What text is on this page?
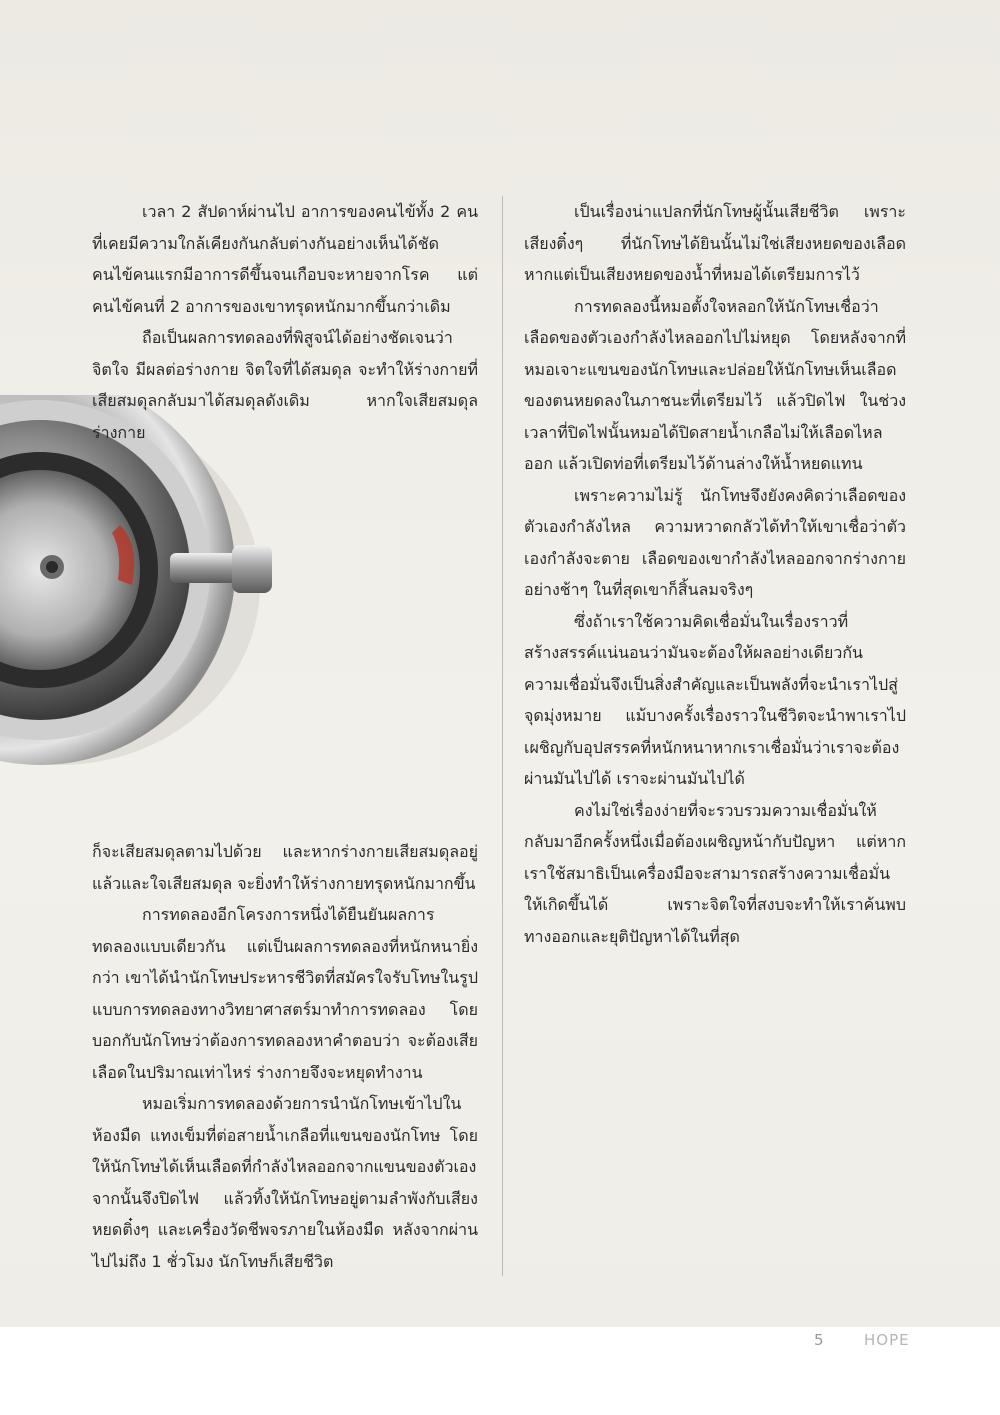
เวลา 2 สัปดาห์ผ่านไป อาการของคนไข้ทั้ง 2 คนที่เคยมีความใกล้เคียงกันกลับต่างกันอย่างเห็นได้ชัด คนไข้คนแรกมีอาการดีขึ้นจนเกือบจะหายจากโรค แต่คนไข้คนที่ 2 อาการของเขาทรุดหนักมากขึ้นกว่าเดิม

ถือเป็นผลการทดลองที่พิสูจน์ได้อย่างชัดเจนว่า จิตใจ มีผลต่อร่างกาย จิตใจที่ได้สมดุล จะทำให้ร่างกายที่เสียสมดุลกลับมาได้สมดุลดังเดิม หากใจเสียสมดุล ร่างกาย

ก็จะเสียสมดุลตามไปด้วย และหากร่างกายเสียสมดุลอยู่แล้วและใจเสียสมดุล จะยิ่งทำให้ร่างกายทรุดหนักมากขึ้น

การทดลองอีกโครงการหนึ่งได้ยืนยันผลการทดลองแบบเดียวกัน แต่เป็นผลการทดลองที่หนักหนายิ่งกว่า เขาได้นำนักโทษประหารชีวิตที่สมัครใจรับโทษในรูปแบบการทดลองทางวิทยาศาสตร์มาทำการทดลอง โดยบอกกับนักโทษว่าต้องการทดลองหาคำตอบว่า จะต้องเสียเลือดในปริมาณเท่าไหร่ ร่างกายจึงจะหยุดทำงาน

หมอเริ่มการทดลองด้วยการนำนักโทษเข้าไปในห้องมืด แทงเข็มที่ต่อสายน้ำเกลือที่แขนของนักโทษ โดยให้นักโทษได้เห็นเลือดที่กำลังไหลออกจากแขนของตัวเอง จากนั้นจึงปิดไฟ แล้วทิ้งให้นักโทษอยู่ตามลำพังกับเสียงหยดติ๋งๆ และเครื่องวัดชีพจรภายในห้องมืด หลังจากผ่านไปไม่ถึง 1 ชั่วโมง นักโทษก็เสียชีวิต

เป็นเรื่องน่าแปลกที่นักโทษผู้นั้นเสียชีวิต เพราะเสียงติ๋งๆ ที่นักโทษได้ยินนั้นไม่ใช่เสียงหยดของเลือด หากแต่เป็นเสียงหยดของน้ำที่หมอได้เตรียมการไว้

การทดลองนี้หมอตั้งใจหลอกให้นักโทษเชื่อว่าเลือดของตัวเองกำลังไหลออกไปไม่หยุด โดยหลังจากที่หมอเจาะแขนของนักโทษและปล่อยให้นักโทษเห็นเลือดของตนหยดลงในภาชนะที่เตรียมไว้ แล้วปิดไฟ ในช่วงเวลาที่ปิดไฟนั้นหมอได้ปิดสายน้ำเกลือไม่ให้เลือดไหลออก แล้วเปิดท่อที่เตรียมไว้ด้านล่างให้น้ำหยดแทน

เพราะความไม่รู้ นักโทษจึงยังคงคิดว่าเลือดของตัวเองกำลังไหล ความหวาดกลัวได้ทำให้เขาเชื่อว่าตัวเองกำลังจะตาย เลือดของเขากำลังไหลออกจากร่างกายอย่างช้าๆ ในที่สุดเขาก็สิ้นลมจริงๆ

ซึ่งถ้าเราใช้ความคิดเชื่อมั่นในเรื่องราวที่สร้างสรรค์แน่นอนว่ามันจะต้องให้ผลอย่างเดียวกัน ความเชื่อมั่นจึงเป็นสิ่งสำคัญและเป็นพลังที่จะนำเราไปสู่จุดมุ่งหมาย แม้บางครั้งเรื่องราวในชีวิตจะนำพาเราไปเผชิญกับอุปสรรคที่หนักหนาหากเราเชื่อมั่นว่าเราจะต้องผ่านมันไปได้ เราจะผ่านมันไปได้

คงไม่ใช่เรื่องง่ายที่จะรวบรวมความเชื่อมั่นให้กลับมาอีกครั้งหนึ่งเมื่อต้องเผชิญหน้ากับปัญหา แต่หากเราใช้สมาธิเป็นเครื่องมือจะสามารถสร้างความเชื่อมั่นให้เกิดขึ้นได้ เพราะจิตใจที่สงบจะทำให้เราค้นพบทางออกและยุติปัญหาได้ในที่สุด

5	HOPE
